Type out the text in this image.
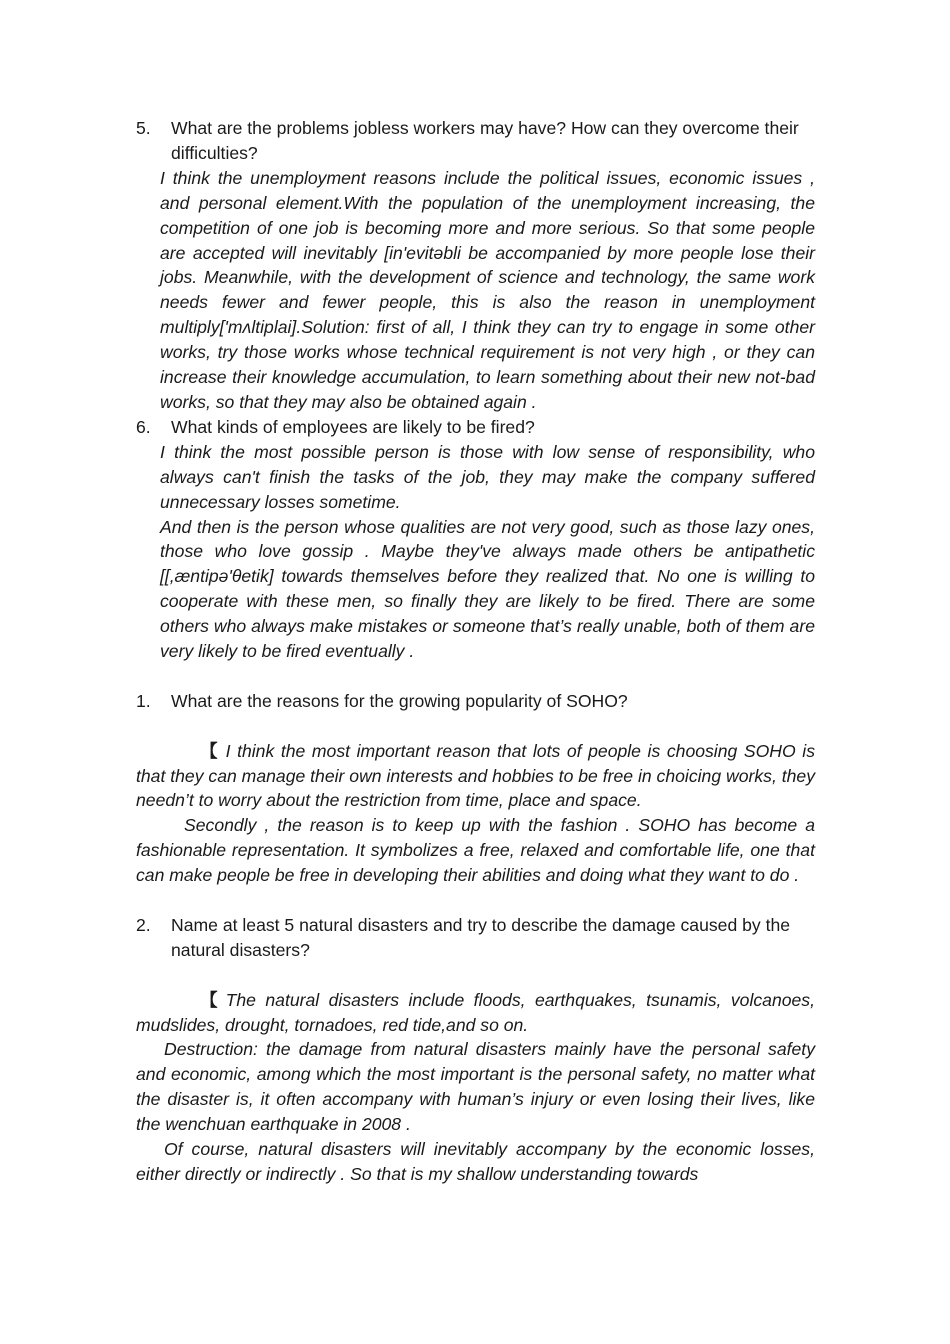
5.	What are the problems jobless workers may have? How can they overcome their difficulties?

I think the unemployment reasons include the political issues, economic issues , and personal element.With the population of the unemployment increasing, the competition of one job is becoming more and more serious. So that some people are accepted will inevitably [in'evitəbli be accompanied by more people lose their jobs. Meanwhile, with the development of science and technology, the same work needs fewer and fewer people, this is also the reason in unemployment multiply['mʌltiplai].Solution: first of all, I think they can try to engage in some other works, try those works whose technical requirement is not very high , or they can increase their knowledge accumulation, to learn something about their new not-bad works, so that they may also be obtained again .

6.	What kinds of employees are likely to be fired?

I think the most possible person is those with low sense of responsibility, who always can't finish the tasks of the job, they may make the company suffered unnecessary losses sometime.

And then is the person whose qualities are not very good, such as those lazy ones, those who love gossip . Maybe they've always made others be antipathetic [[,æntipə'θetik] towards themselves before they realized that. No one is willing to cooperate with these men, so finally they are likely to be fired. There are some others who always make mistakes or someone that’s really unable, both of them are very likely to be fired eventually .

1.	What are the reasons for the growing popularity of SOHO?

【 I think the most important reason that lots of people is choosing SOHO is that they can manage their own interests and hobbies to be free in choicing works, they needn’t to worry about the restriction from time, place and space.

Secondly , the reason is to keep up with the fashion . SOHO has become a fashionable representation. It symbolizes a free, relaxed and comfortable life, one that can make people be free in developing their abilities and doing what they want to do .

2.	Name at least 5 natural disasters and try to describe the damage caused by the natural disasters?

【 The natural disasters include floods, earthquakes, tsunamis, volcanoes, mudslides, drought, tornadoes, red tide,and so on.

Destruction: the damage from natural disasters mainly have the personal safety and economic, among which the most important is the personal safety, no matter what the disaster is, it often accompany with human’s injury or even losing their lives, like the wenchuan earthquake in 2008 .

Of course, natural disasters will inevitably accompany by the economic losses, either directly or indirectly . So that is my shallow understanding towards
